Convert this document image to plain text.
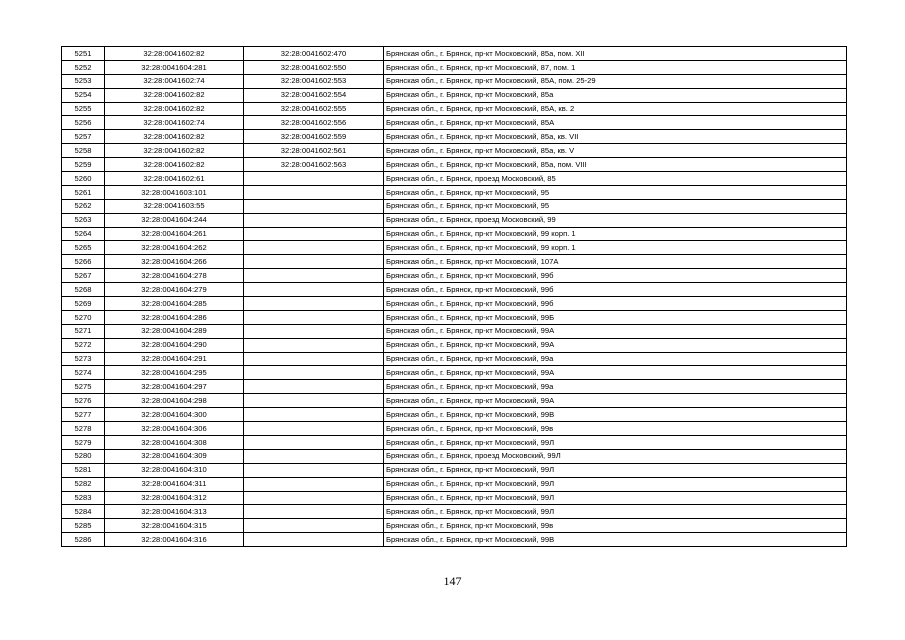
5251	32:28:0041602:82	32:28:0041602:470	Брянская обл., г. Брянск, пр-кт Московский, 85а, пом. XII
5252	32:28:0041604:281	32:28:0041602:550	Брянская обл., г. Брянск, пр-кт Московский, 87, пом. 1
5253	32:28:0041602:74	32:28:0041602:553	Брянская обл., г. Брянск, пр-кт Московский, 85А, пом. 25-29
5254	32:28:0041602:82	32:28:0041602:554	Брянская обл., г. Брянск, пр-кт Московский, 85а
5255	32:28:0041602:82	32:28:0041602:555	Брянская обл., г. Брянск, пр-кт Московский, 85А, кв. 2
5256	32:28:0041602:74	32:28:0041602:556	Брянская обл., г. Брянск, пр-кт Московский, 85А
5257	32:28:0041602:82	32:28:0041602:559	Брянская обл., г. Брянск, пр-кт Московский, 85а, кв. VII
5258	32:28:0041602:82	32:28:0041602:561	Брянская обл., г. Брянск, пр-кт Московский, 85а, кв. V
5259	32:28:0041602:82	32:28:0041602:563	Брянская обл., г. Брянск, пр-кт Московский, 85а, пом. VIII
5260	32:28:0041602:61		Брянская обл., г. Брянск, проезд Московский, 85
5261	32:28:0041603:101		Брянская обл., г. Брянск, пр-кт Московский, 95
5262	32:28:0041603:55		Брянская обл., г. Брянск, пр-кт Московский, 95
5263	32:28:0041604:244		Брянская обл., г. Брянск, проезд Московский, 99
5264	32:28:0041604:261		Брянская обл., г. Брянск, пр-кт Московский, 99 корп. 1
5265	32:28:0041604:262		Брянская обл., г. Брянск, пр-кт Московский, 99 корп. 1
5266	32:28:0041604:266		Брянская обл., г. Брянск, пр-кт Московский, 107А
5267	32:28:0041604:278		Брянская обл., г. Брянск, пр-кт Московский, 99б
5268	32:28:0041604:279		Брянская обл., г. Брянск, пр-кт Московский, 99б
5269	32:28:0041604:285		Брянская обл., г. Брянск, пр-кт Московский, 99б
5270	32:28:0041604:286		Брянская обл., г. Брянск, пр-кт Московский, 99Б
5271	32:28:0041604:289		Брянская обл., г. Брянск, пр-кт Московский, 99А
5272	32:28:0041604:290		Брянская обл., г. Брянск, пр-кт Московский, 99А
5273	32:28:0041604:291		Брянская обл., г. Брянск, пр-кт Московский, 99а
5274	32:28:0041604:295		Брянская обл., г. Брянск, пр-кт Московский, 99А
5275	32:28:0041604:297		Брянская обл., г. Брянск, пр-кт Московский, 99а
5276	32:28:0041604:298		Брянская обл., г. Брянск, пр-кт Московский, 99А
5277	32:28:0041604:300		Брянская обл., г. Брянск, пр-кт Московский, 99В
5278	32:28:0041604:306		Брянская обл., г. Брянск, пр-кт Московский, 99в
5279	32:28:0041604:308		Брянская обл., г. Брянск, пр-кт Московский, 99Л
5280	32:28:0041604:309		Брянская обл., г. Брянск, проезд Московский, 99Л
5281	32:28:0041604:310		Брянская обл., г. Брянск, пр-кт Московский, 99Л
5282	32:28:0041604:311		Брянская обл., г. Брянск, пр-кт Московский, 99Л
5283	32:28:0041604:312		Брянская обл., г. Брянск, пр-кт Московский, 99Л
5284	32:28:0041604:313		Брянская обл., г. Брянск, пр-кт Московский, 99Л
5285	32:28:0041604:315		Брянская обл., г. Брянск, пр-кт Московский, 99в
5286	32:28:0041604:316		Брянская обл., г. Брянск, пр-кт Московский, 99В
147
